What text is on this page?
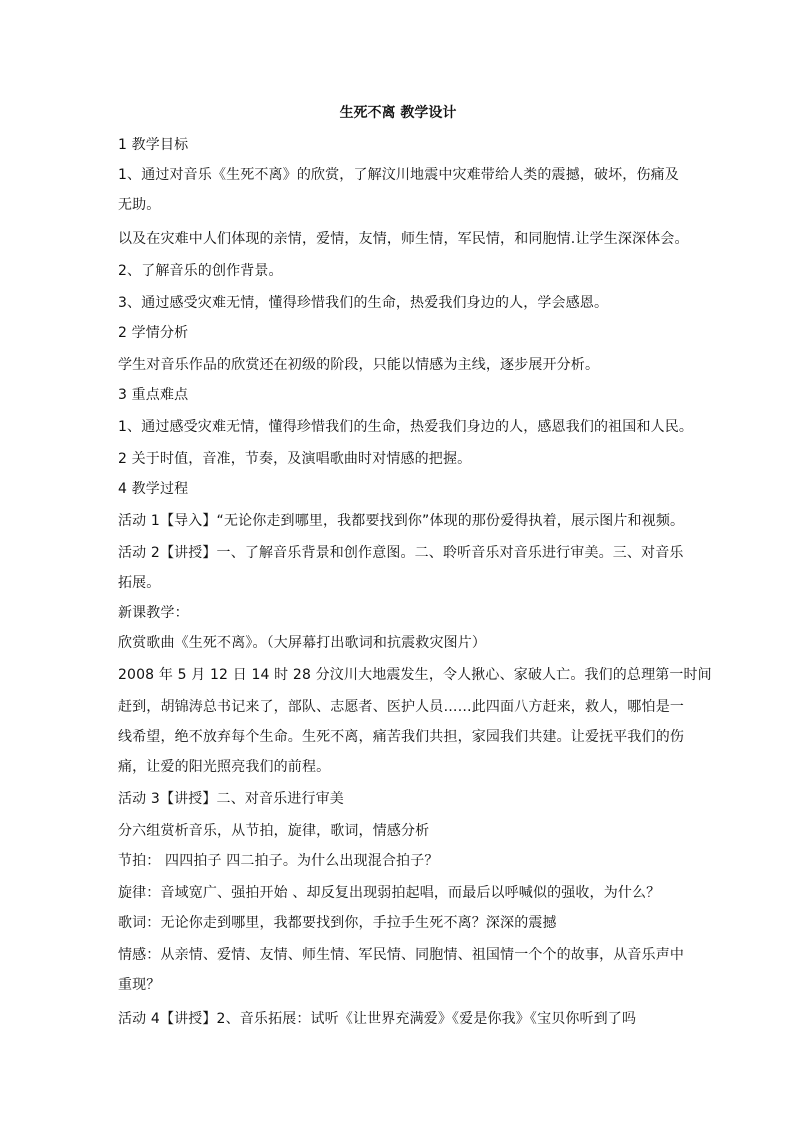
生死不离 教学设计
1 教学目标
1、通过对音乐《生死不离》的欣赏，了解汶川地震中灾难带给人类的震撼，破坏，伤痛及
无助。
以及在灾难中人们体现的亲情，爱情，友情，师生情，军民情，和同胞情.让学生深深体会。
2、了解音乐的创作背景。
3、通过感受灾难无情，懂得珍惜我们的生命，热爱我们身边的人，学会感恩。
2 学情分析
学生对音乐作品的欣赏还在初级的阶段，只能以情感为主线，逐步展开分析。
3 重点难点
1、通过感受灾难无情，懂得珍惜我们的生命，热爱我们身边的人，感恩我们的祖国和人民。
2 关于时值，音准，节奏，及演唱歌曲时对情感的把握。
4 教学过程
活动 1【导入】“无论你走到哪里，我都要找到你”体现的那份爱得执着，展示图片和视频。
活动 2【讲授】一、了解音乐背景和创作意图。二、聆听音乐对音乐进行审美。三、对音乐
拓展。
新课教学：
欣赏歌曲《生死不离》。（大屏幕打出歌词和抗震救灾图片）
2008 年 5 月 12 日 14 时 28 分汶川大地震发生，令人揪心、家破人亡。我们的总理第一时间
赶到，胡锦涛总书记来了，部队、志愿者、医护人员……此四面八方赶来，救人，哪怕是一
线希望，绝不放弃每个生命。生死不离，痛苦我们共担，家园我们共建。让爱抚平我们的伤
痛，让爱的阳光照亮我们的前程。
活动 3【讲授】二、对音乐进行审美
分六组赏析音乐，从节拍，旋律，歌词，情感分析
节拍： 四四拍子 四二拍子。为什么出现混合拍子？
旋律：音域宽广、强拍开始 、却反复出现弱拍起唱，而最后以呼喊似的强收，为什么？
歌词：无论你走到哪里，我都要找到你，手拉手生死不离？深深的震撼
情感：从亲情、爱情、友情、师生情、军民情、同胞情、祖国情一个个的故事，从音乐声中
重现？
活动 4【讲授】2、音乐拓展：试听《让世界充满爱》《爱是你我》《宝贝你听到了吗
